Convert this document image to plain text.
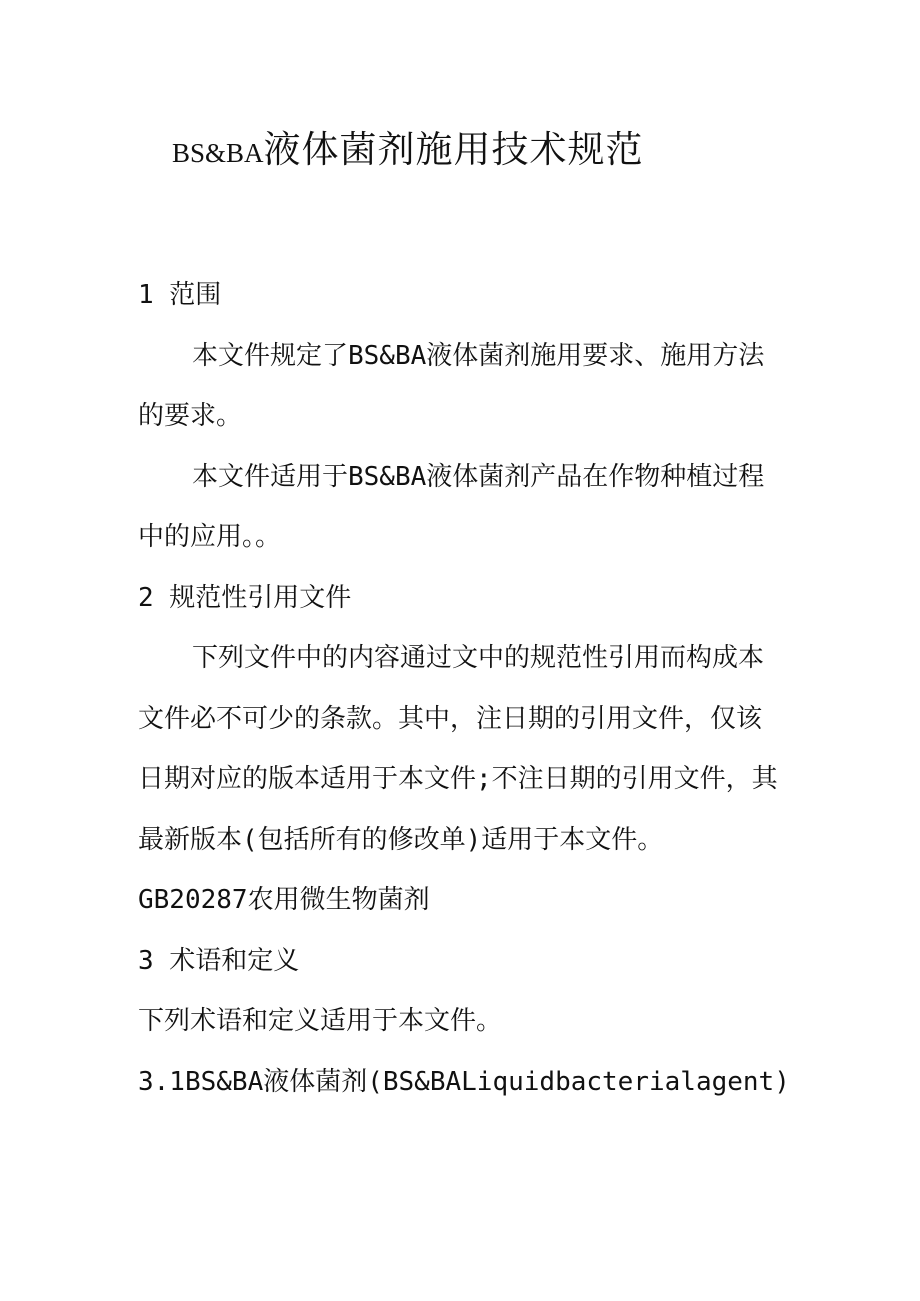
BS&BA液体菌剂施用技术规范

1 范围

本文件规定了BS&BA液体菌剂施用要求、施用方法的要求。

本文件适用于BS&BA液体菌剂产品在作物种植过程中的应用。。

2 规范性引用文件

下列文件中的内容通过文中的规范性引用而构成本文件必不可少的条款。其中，注日期的引用文件，仅该日期对应的版本适用于本文件;不注日期的引用文件，其最新版本(包括所有的修改单)适用于本文件。

GB20287农用微生物菌剂

3 术语和定义

下列术语和定义适用于本文件。

3.1BS&BA液体菌剂(BS&BALiquidbacterialagent)
